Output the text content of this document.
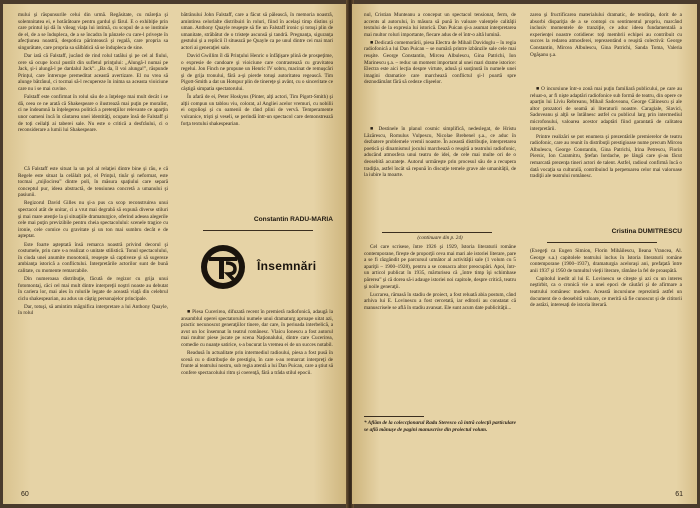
mului şi răspunsurile celui din urmă. Regăsitate, cu măreţia şi solemnitatea ei, e hotărâtoare pentru gardul şi fărul. E o exhibiţie prin care printul işi dă în vileag viaţa lui intimă, cu scopul de a se instituie de el, de a se îndupleca, de a se încadra în pânzele cu care-l priveşte în afecţiunea noastră, despotica părintească şi regală, care propria sa singurătate, care propria sa sălbătică să se îndupleca de sine.

Dar iată că Falstaff, jucând de rind rolul tatălui şi pe cel al fiului, cere să ocupe locul pustiit din sufletul prinţului: „Alungă-l numai pe Jack, şi-i alungă-l pe dardalul Jack”. „Ba da, îl voi alunga!”, răspunde Prinţul, care întrerupe premeditat această avertizare. El nu vrea să alunge bătrânul, ci tocmai să-l recupereze în inima sa aceasta vioiciune care nu i se mai cuvine.

Falstaff este confirmat în rolul său de a înţelege mai mult decât i se dă, ceea ce ne arată că Shakespeare o ilustrează mai puţin pe moralist, ci ne îndeamnă la înţelegerea politică a pretenţiilor relevante ce aparţin unor oameni încă în căutarea unei identităţi, ocupate însă de Falstaff şi de toţi ceilalţi ai taberei sale. Nu este o critică a desfrâului, ci o reconsiderare a lumii lui Shakespeare.

Că Falstaff este situat la un pol al relaţiei dintre bine şi rău, e că Regele este situat la celălalt pol, el Prinţul, tinăr şi neformat, este tocmai „mijlocirea” dintre poli, în măsura spaţiului care separă conceptul pur, ideea abstractă, de tensiunea concretă a umanului şi pasiunii.

Regizorul David Gilles nu şi-a pus ca scop reconstruirea unui spectacol atât de unitar, ci a vrut mai degrabă să expună diverse stiluri şi mai mare atenţie la şi situaţiile dramaturgice, oferind adesea alegerile cele mai puţin previzibile pentru cheia spectacolului: scenele tragice cu ironie, cele comice cu gravitate şi un ton mai sumbru decât e de aşteptat.

Este foarte aşteptată însă remarca noastră privind decorul şi costumele, prin care s-a realizat o unitate stilistică. Tonul spectacolului, în ciuda unei anumite monotonii, reuşeşte să captiveze şi să sugereze ambianţa istorică a conflictului. Interpretările actorilor sunt de bună calitate, cu momente remarcabile.

Din numeroasa distribuţie, făcută de regizor cu grija unui fotomontaj, căci cel mai mult dintre interpreţii noştri noaste au debutat în cariera lor, mai ales în rolurile legate de această viaţă din celebrul ciclu shakespearian, au adus un câştig personajelor principale.

Dar, totuşi, să amintim măgnifica interpretare a lui Anthony Quayle, în rolul

bătrânului John Falstaff, care a făcut să pălească, în memoria noastră, amintirea celorlalte distribuiri în roluri, fiind în acelaşi timp distins şi uman. Anthony Quayle reuşeşte să fie un Falstaff ironic şi totuşi plin de umanitate, străbătut de o tristeţe ascunsă şi tandră. Pregnanţa, siguranţa gestului şi a replicii îl situează pe Quayle ca pe unul dintre cei mai mari actori ai generaţiei sale.

David Gwillim îl dă Prinţului Henric o înfăţişare plină de prospeţime, o expresie de candoare şi vioiciune care contrastează cu gravitatea regelui. Jon Finch ne propune un Henric IV sobru, macinat de remuşcări şi de grija tronului, fără a-şi pierde totuşi autoritatea regească. Tim Pigott-Smith a dat un Hotspur plin de tinereţe şi avânt, cu o sinceritate ce câştigă simpatia spectatorului.

În afară de ei, Peter Hoskyns (Pinter, alţi actori, Tim Pigott-Smith) şi alţii compun un tablou viu, colorat, al Angliei acelor vremuri, cu nobilii ei orgolioşi şi cu oamenii de rând plini de vervă. Temperamente vulcanice, trişti şi veseli, se perindă într-un spectacol care demonstrează forţa textului shakespearian.

Constantin RADU-MARIA
Însemnări

■ Piesa Cucerirea, difuzată recent în premieră radiofonică, adaugă la ansamblul operei spectatorului numele unui dramaturg aproape uitat azi, practic necunoscut generaţiilor tinere, dar care, în perioada interbelică, a avut un loc însemnat în teatrul românesc. Vlaicu Ionescu a fost autorul mai multor piese jucate pe scena Naţionalului, dintre care Cucerirea, comedie cu nuanţe satirice, s-a bucurat la vremea ei de un succes notabil.

Readusă în actualitate prin intermediul radioului, piesa a fost pusă în scenă cu o distribuţie de prestigiu, în care s-au remarcat interpreţi de frunte ai teatrului nostru, sub regia atentă a lui Dan Puican, care a ştiut să confere spectacolului ritm şi coerenţă, fără a trăda stilul epocii.

60

nul, Cristian Munteanu a conceput un spectacol tensionat, ferm, de accents al autorului, în măsura să pună în valoare valenţele calităţii textului de la expresia lui istorică. Dan Puican şi-a asumat interpretarea mai multor roluri importante, fiecare adus de el într-o altă lumină.

■ Dedicată comemorării, piesa Electra de Mihail Davidoglu – în regia radiofonică a lui Dan Puican – se numără printre izbânzile sale cele mai reuşite. George Constantin, Mircea Albulescu, Gina Patrichi, Ion Marinescu ş.a. – reduc un moment important al unei mari drame istorice: Electra este aici lecţia despre virtute, adusă şi susţinută în numele unei imagini dramatice care marchează conflictul şi-l poartă spre deznodământ fără să cedeze clişeelor.

■ Destinele în planul cosmic simplifică, nedeslegat, de Hristu Lăzărescu, Romulus Vulpescu, Nicolae Brebenel ş.a., ce aduc în dezbatere problemele vremii noastre. În această distribuţie, interpretarea poetică şi dinamismul jocului marchează o reuşită a teatrului radiofonic, aducând atmosfera unui teatru de idei, de cele mai multe ori de o deosebită acurateţe. Autorul urmăreşte prin procesul său de a recupera tradiţia, astfel încât să repună în discuţie temele grave ale umanităţii, de la iubire la moarte.

(continuare din p. 24)

Cel care scrisese, între 1926 şi 1929, Istoria literaturii române contemporane, fireşte de proporţii ceva mai mari ale istoriei literare, pare a se fi răzgândit pe parcursul următor al activităţii sale (1 volum cu 5 apariţii – 1900–1928), pentru a se consacra altor preocupări. Apoi, într-un articol publicat în 1935, mărturisea că „între timp îşi schimbase părerea” şi că dorea să-i adauge istoriei noi capitole, despre critică, teatru şi noile generaţii.

Lucrarea, rămasă în stadiu de proiect, a fost reluată abia postum, când arhiva lui E. Lovinescu a fost cercetată, iar editorii au constatat că manuscrisele se află în stadiu avansat. Ele sunt acum date publicităţii...

* Aflăm de la coleccţionarul Radu Steresco că intră colecţii particulare se află mănuşe de pagini manuscrise din proiectul volum.

zarea şi fructificarea materialului dramatic, de tendinţa, dorit de a absorbi dispariţia de a se contopi cu sentimentul propriu, marcând inclusiv momentele de tranziţie, ce aduc ideea fundamentală a experienţei noastre cotidiene: toţi membrii echipei au contribuit cu succes la redarea atmosferei, reprezentând o reuşită colectivă: George Constantin, Mircea Albulescu, Gina Patrichi, Sanda Toma, Valeria Ogăşanu ş.a.

■ O incursiune într-o zonă mai puţin familiară publicului, pe care au reluat-o, ar fi nişte adaptări radiofonice sub formă de teatru, din opere ce aparţin lui Liviu Rebreanu, Mihail Sadoveanu, George Călinescu şi ale altor prozatori de seamă ai literaturii noastre. Caragiale, Slavici, Sadoveanu şi alţii se întâlnesc astfel cu publicul larg prin intermediul microfonului, valoarea acestor adaptări fiind garantată de calitatea interpretării.

Printre realizări se pot enumera şi prezentările premierelor de teatru radiofonic, care au reunit în distribuţii prestigioase nume precum Mircea Albulescu, George Constantin, Gina Patrichi, Irina Petrescu, Florin Piersic, Ion Caramitru, Ştefan Iordache, pe lângă care şi-au făcut remarcată prezenţa tineri actori de talent. Astfel, radioul confirmă încă o dată vocaţia sa culturală, contribuind la perpetuarea celor mai valoroase tradiţii ale teatrului românesc.

Cristina DUMITRESCU

(Exegeţi ca Eugen Simion, Florin Mihăilescu, Ileana Vrancea, Al. George s.a.) capitolele teatrului inclus în Istoria literaturii române contemporane (1900–1937), dramaturgia aceloraşi ani, prefaţată între anii 1937 şi 1950 de tumultul vieţii literare, rămâne la fel de proaspătă.

Capitolul inedit al lui E. Lovinescu se citeşte şi azi cu un interes neştirbit, ca o cronică vie a unei epoci de căutări şi de afirmare a teatrului românesc modern. Această incursiune reprezintă astfel un document de o deosebită valoare, ce merită să fie cunoscut şi de cititorii de astăzi, interesaţi de istoria literară.

61
